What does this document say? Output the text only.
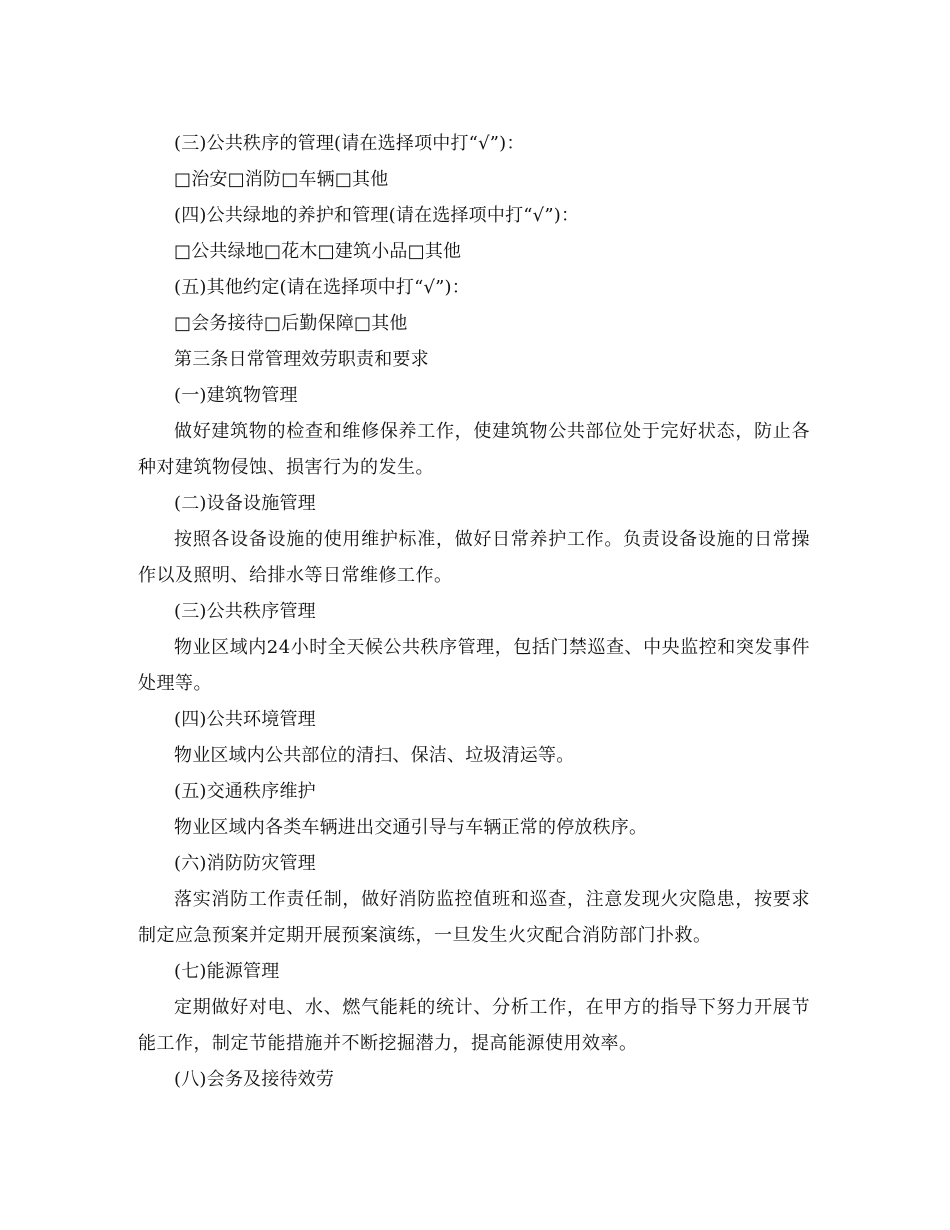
(三)公共秩序的管理(请在选择项中打“√”)：
□治安□消防□车辆□其他
(四)公共绿地的养护和管理(请在选择项中打“√”)：
□公共绿地□花木□建筑小品□其他
(五)其他约定(请在选择项中打“√”)：
□会务接待□后勤保障□其他
第三条日常管理效劳职责和要求
(一)建筑物管理
做好建筑物的检查和维修保养工作，使建筑物公共部位处于完好状态，防止各种对建筑物侵蚀、损害行为的发生。
(二)设备设施管理
按照各设备设施的使用维护标准，做好日常养护工作。负责设备设施的日常操作以及照明、给排水等日常维修工作。
(三)公共秩序管理
物业区域内24小时全天候公共秩序管理，包括门禁巡查、中央监控和突发事件处理等。
(四)公共环境管理
物业区域内公共部位的清扫、保洁、垃圾清运等。
(五)交通秩序维护
物业区域内各类车辆进出交通引导与车辆正常的停放秩序。
(六)消防防灾管理
落实消防工作责任制，做好消防监控值班和巡查，注意发现火灾隐患，按要求制定应急预案并定期开展预案演练，一旦发生火灾配合消防部门扑救。
(七)能源管理
定期做好对电、水、燃气能耗的统计、分析工作，在甲方的指导下努力开展节能工作，制定节能措施并不断挖掘潜力，提高能源使用效率。
(八)会务及接待效劳
